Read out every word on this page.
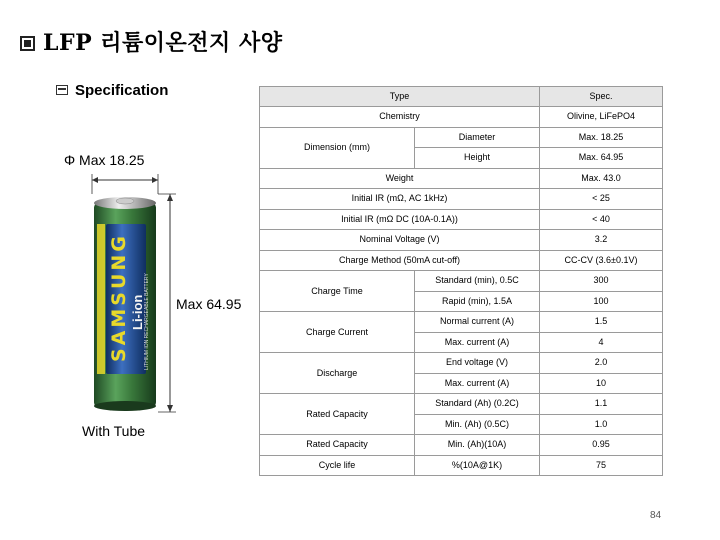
LFP 리튬이온전지 사양
Specification
Φ Max 18.25
Max 64.95
SAMSUNG Li-ion LITHIUM ION RECHARGEABLE BATTERY
With Tube
Type		Spec.
Chemistry		Olivine, LiFePO4
Dimension (mm)	Diameter	Max. 18.25
	Height	Max. 64.95
Weight		Max. 43.0
Initial IR (mΩ, AC 1kHz)		< 25
Initial IR (mΩ DC (10A-0.1A))		< 40
Nominal Voltage (V)		3.2
Charge Method (50mA cut-off)		CC-CV (3.6±0.1V)
Charge Time	Standard (min), 0.5C	300
	Rapid (min), 1.5A	100
Charge Current	Normal current (A)	1.5
	Max. current (A)	4
Discharge	End voltage (V)	2.0
	Max. current (A)	10
Rated Capacity	Standard (Ah) (0.2C)	1.1
	Min. (Ah) (0.5C)	1.0
Rated Capacity	Min. (Ah)(10A)	0.95
Cycle life	%(10A@1K)	75
84
